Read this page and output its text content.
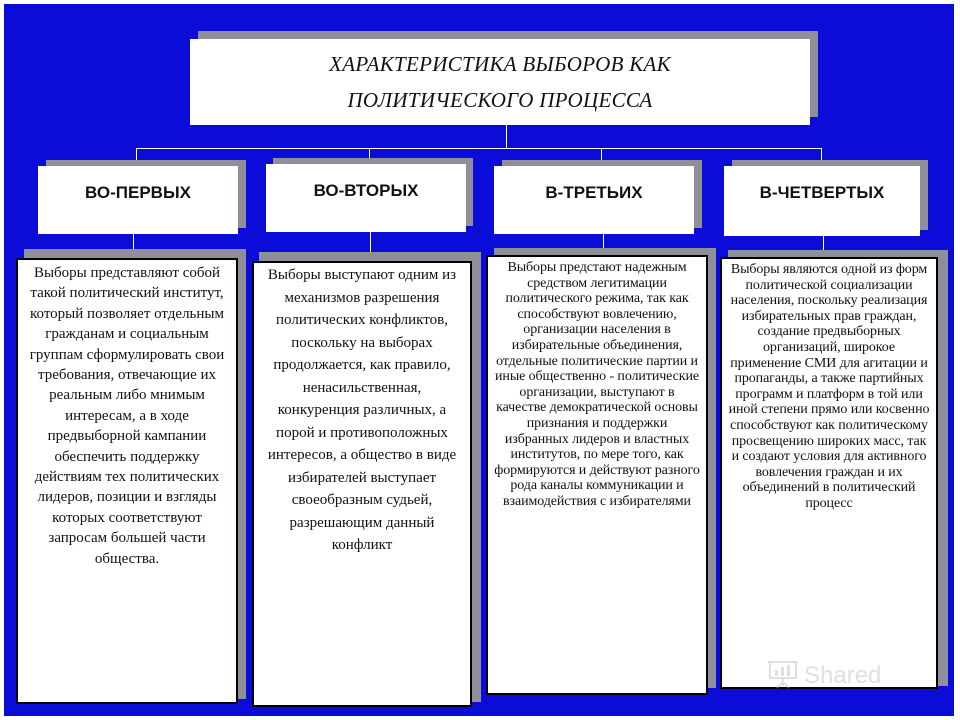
ХАРАКТЕРИСТИКА ВЫБОРОВ КАК
ПОЛИТИЧЕСКОГО ПРОЦЕССА
ВО-ПЕРВЫХ	ВО-ВТОРЫХ	В-ТРЕТЬИХ	В-ЧЕТВЕРТЫХ

Выборы представляют собой такой политический институт, который позволяет отдельным гражданам и социальным группам сформулировать свои требования, отвечающие их реальным либо мнимым интересам, а в ходе предвыборной кампании обеспечить поддержку действиям тех политических лидеров, позиции и взгляды которых соответствуют запросам большей части общества.

Выборы выступают одним из механизмов разрешения политических конфликтов, поскольку на выборах продолжается, как правило, ненасильственная, конкуренция различных, а порой и противоположных интересов, а общество в виде избирателей выступает своеобразным судьей, разрешающим данный конфликт

Выборы предстают надежным средством легитимации политического режима, так как способствуют вовлечению, организации населения в избирательные объединения, отдельные политические партии и иные общественно - политические организации, выступают в качестве демократической основы признания и поддержки избранных лидеров и властных институтов, по мере того, как формируются и действуют разного рода каналы коммуникации и взаимодействия с избирателями

Выборы являются одной из форм политической социализации населения, поскольку реализация избирательных прав граждан, создание предвыборных организаций, широкое применение СМИ для агитации и пропаганды, а также партийных программ и платформ в той или иной степени прямо или косвенно способствуют как политическому просвещению широких масс, так и создают условия для активного вовлечения граждан и их объединений в политический процесс

Shared
